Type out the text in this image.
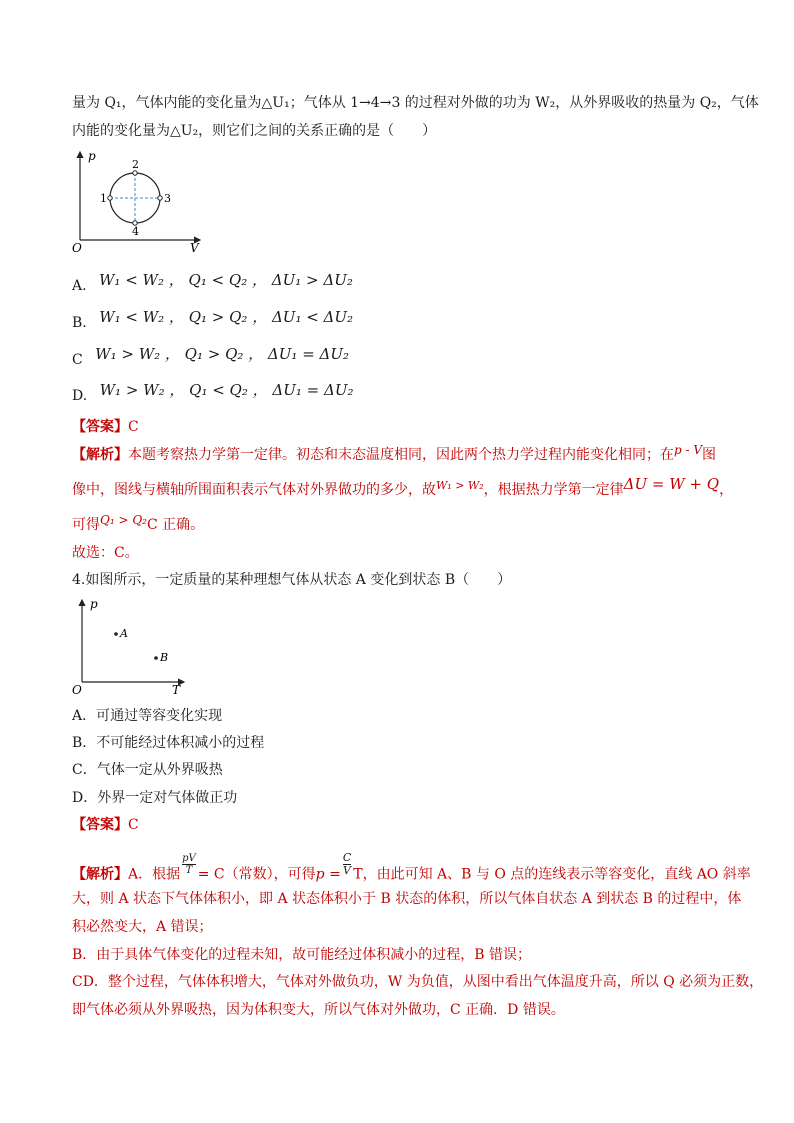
量为 Q₁，气体内能的变化量为△U₁；气体从 1→4→3 的过程对外做的功为 W₂，从外界吸收的热量为 Q₂，气体
内能的变化量为△U₂，则它们之间的关系正确的是（　　）
p
V
O
1
2
3
4
A. W₁ < W₂ ， Q₁ < Q₂ ， ΔU₁ > ΔU₂
B. W₁ < W₂ ， Q₁ > Q₂ ， ΔU₁ < ΔU₂
C W₁ > W₂ ， Q₁ > Q₂ ， ΔU₁ = ΔU₂
D. W₁ > W₂ ， Q₁ < Q₂ ， ΔU₁ = ΔU₂
【答案】C
【解析】本题考察热力学第一定律。初态和末态温度相同，因此两个热力学过程内能变化相同；在p - V图
像中，图线与横轴所围面积表示气体对外界做功的多少，故$^{W_1 > W_2}$，根据热力学第一定律ΔU = W + Q，
可得Q₁ > Q₂C 正确。
故选：C。
4.如图所示，一定质量的某种理想气体从状态 A 变化到状态 B（　　）
p
T
O
A
B
A．可通过等容变化实现
B．不可能经过体积减小的过程
C．气体一定从外界吸热
D．外界一定对气体做正功
【答案】C
【解析】A．根据 $\frac{pV}{T} = C$（常数），可得$p = \frac{C}{V}$ T，由此可知 A、B 与 O 点的连线表示等容变化，直线 AO 斜率
大，则 A 状态下气体体积小，即 A 状态体积小于 B 状态的体积，所以气体自状态 A 到状态 B 的过程中，体
积必然变大，A 错误；
B．由于具体气体变化的过程未知，故可能经过体积减小的过程，B 错误；
CD．整个过程，气体体积增大，气体对外做负功，W 为负值，从图中看出气体温度升高，所以 Q 必须为正数，
即气体必须从外界吸热，因为体积变大，所以气体对外做功，C 正确．D 错误。
